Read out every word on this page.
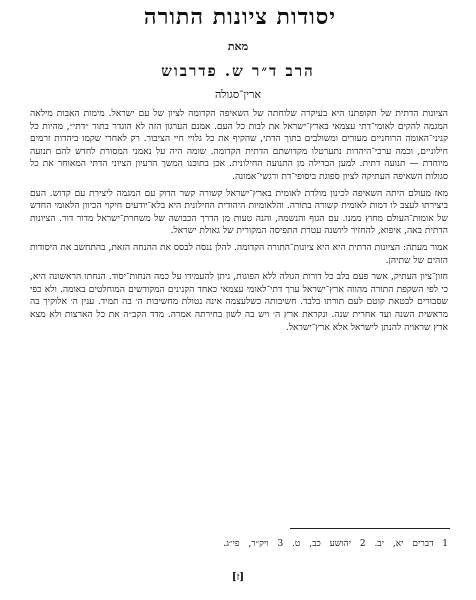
יסודות ציונות התורה
מאת
הרב ד״ר ש. פדרבוש
ארין־סגולה

הציונות הדתית של תקופתנו היא בעיקרה שלוחתה של השאיפה הקדומה לציון של עם ישראל. מימות האבות מילאה המגמה להקים לאומי־דתי עצמאי בארץ־ישראל את לבות כל העם. אמנם הערגון הזה לא הוגדר בתור ״דתי״, מהיות כל קניני־האומה הרוחניים מעורים ומשולבים בתוך הדתי, שהקיף את כל גלויי חיי הציבור. רק לאחרי שקמו ביהדות זרמים חילוניים, וכמה ערכי־היהדות נתערטלו מקדושתם הדתית הקדומה. שומה היה על נאמני המסורת לחדש להם תנועה מיוחדת — תנועה דתית. למען הבדילה מן התנועה החילונית. אכן בתוכנו המשך הרעיון הציוני הדתי המאוחר את כל סגולות השאיפה העתיקה לציון ספוגת ביסופי־דת ורגשי־אמונה.

מאז מעולם היתה השאיפה לכינון מולדת לאומית בארץ־ישראל קשורה קשר הדוק עם המגמה ליצירת עם קדוש. העם ביצירתו לעצב לו דמות לאומית קשורה בתורה. והלאומיות היהודית החילונית היא בלא־יודעים חיקוי הכיוון הלאומי החדש של אומות־העולם מחוץ ממנו. עם הגוף והנשמה, והנה טעות מן הדרך הכבושה של משחרת־ישראל מדור דור. הציונות הדתית באה, איפוא, להחזיר ליושנה עטרת התפיסה המקורית של גאולת ישראל.

אמור מעתה: הציונות הדתית היא היא ציונות־התורה הקדומה. להלן ננסה לבסס את ההנחה הזאת, בהתחשב את היסודות הזהים של שתיהן.

חזון־ציון העתיק, אשר פעם בלב כל דורות הגולה ללא הפוגות, ניתן להעמידו על כמה הנחות־יסוד. הנחתו הראשונה היא, כי לפי השקפת התורה מהווה ארץ־ישראל ערך דתי־לאומי עצמאי כאחד הקנינים המקודשים המוחלטים באומה. ולא כפי שסבורים לבטאת קוטם לעם תורתו בלבד. חשיבותה כשלעצמה אינה נטולת מחשיבות ה׳ בה תמיד. ענין ה׳ אלוקיך בה מראשית השנה ועד אחרית שנה. ונקראת ארץ ה׳ ויש בה לשון בחירתה אמרה. מדד הקב״ה את כל הארצות ולא מצא ארץ שראויה להנתן לישראל אלא ארץ־ישראל.

1 דברים יא, יב. 2 יהושע כב, ט. 3 ויק״ר, פי״ג.
[ז]
